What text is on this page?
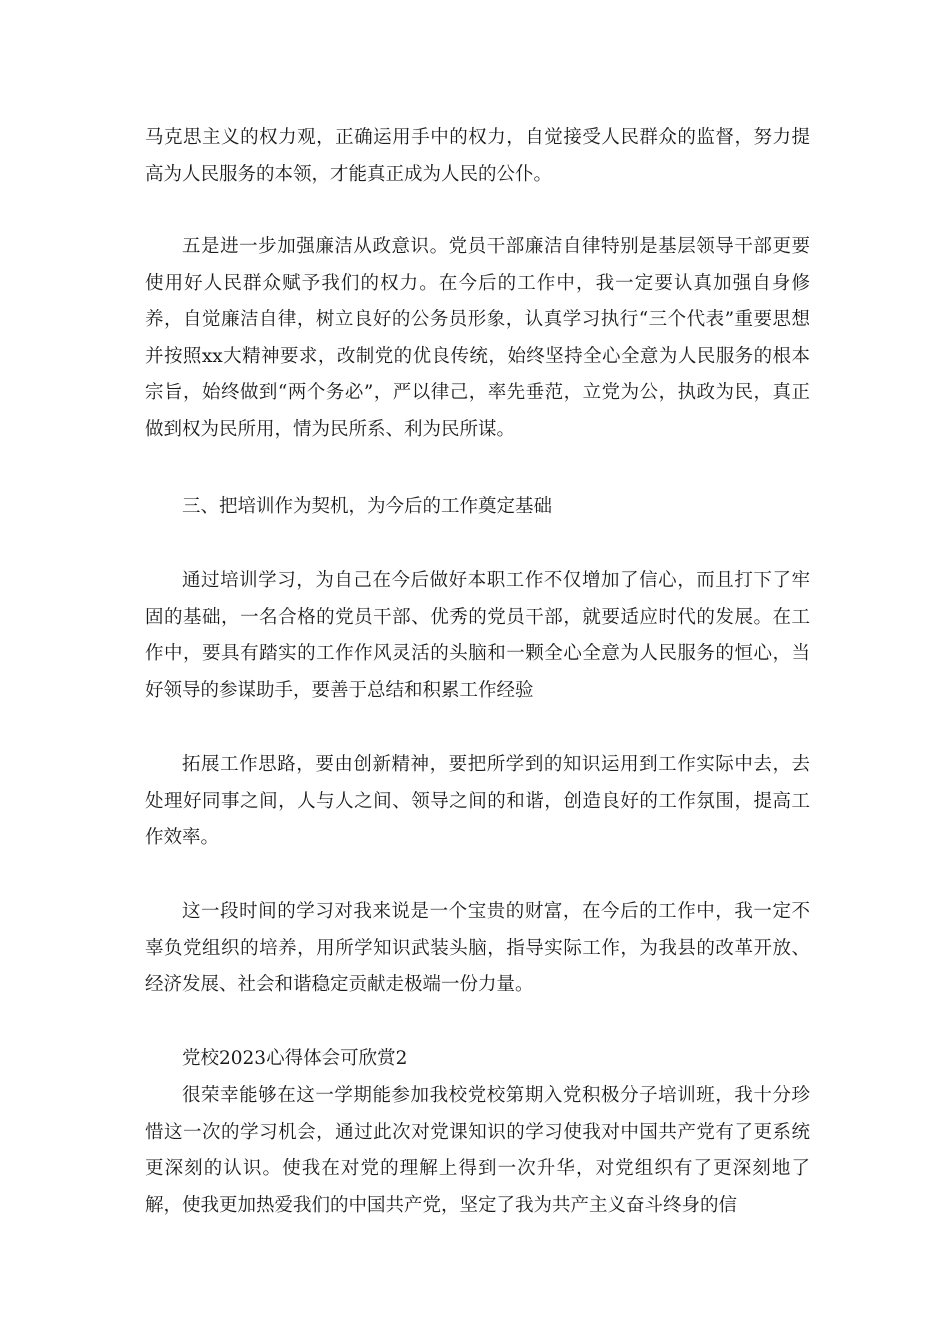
马克思主义的权力观，正确运用手中的权力，自觉接受人民群众的监督，努力提高为人民服务的本领，才能真正成为人民的公仆。

五是进一步加强廉洁从政意识。党员干部廉洁自律特别是基层领导干部更要使用好人民群众赋予我们的权力。在今后的工作中，我一定要认真加强自身修养，自觉廉洁自律，树立良好的公务员形象，认真学习执行“三个代表”重要思想并按照xx大精神要求，改制党的优良传统，始终坚持全心全意为人民服务的根本宗旨，始终做到“两个务必”，严以律己，率先垂范，立党为公，执政为民，真正做到权为民所用，情为民所系、利为民所谋。

三、把培训作为契机，为今后的工作奠定基础

通过培训学习，为自己在今后做好本职工作不仅增加了信心，而且打下了牢固的基础，一名合格的党员干部、优秀的党员干部，就要适应时代的发展。在工作中，要具有踏实的工作作风灵活的头脑和一颗全心全意为人民服务的恒心，当好领导的参谋助手，要善于总结和积累工作经验

拓展工作思路，要由创新精神，要把所学到的知识运用到工作实际中去，去处理好同事之间，人与人之间、领导之间的和谐，创造良好的工作氛围，提高工作效率。

这一段时间的学习对我来说是一个宝贵的财富，在今后的工作中，我一定不辜负党组织的培养，用所学知识武装头脑，指导实际工作，为我县的改革开放、经济发展、社会和谐稳定贡献走极端一份力量。

党校2023心得体会可欣赏2

很荣幸能够在这一学期能参加我校党校第期入党积极分子培训班，我十分珍惜这一次的学习机会，通过此次对党课知识的学习使我对中国共产党有了更系统更深刻的认识。使我在对党的理解上得到一次升华，对党组织有了更深刻地了解，使我更加热爱我们的中国共产党，坚定了我为共产主义奋斗终身的信
